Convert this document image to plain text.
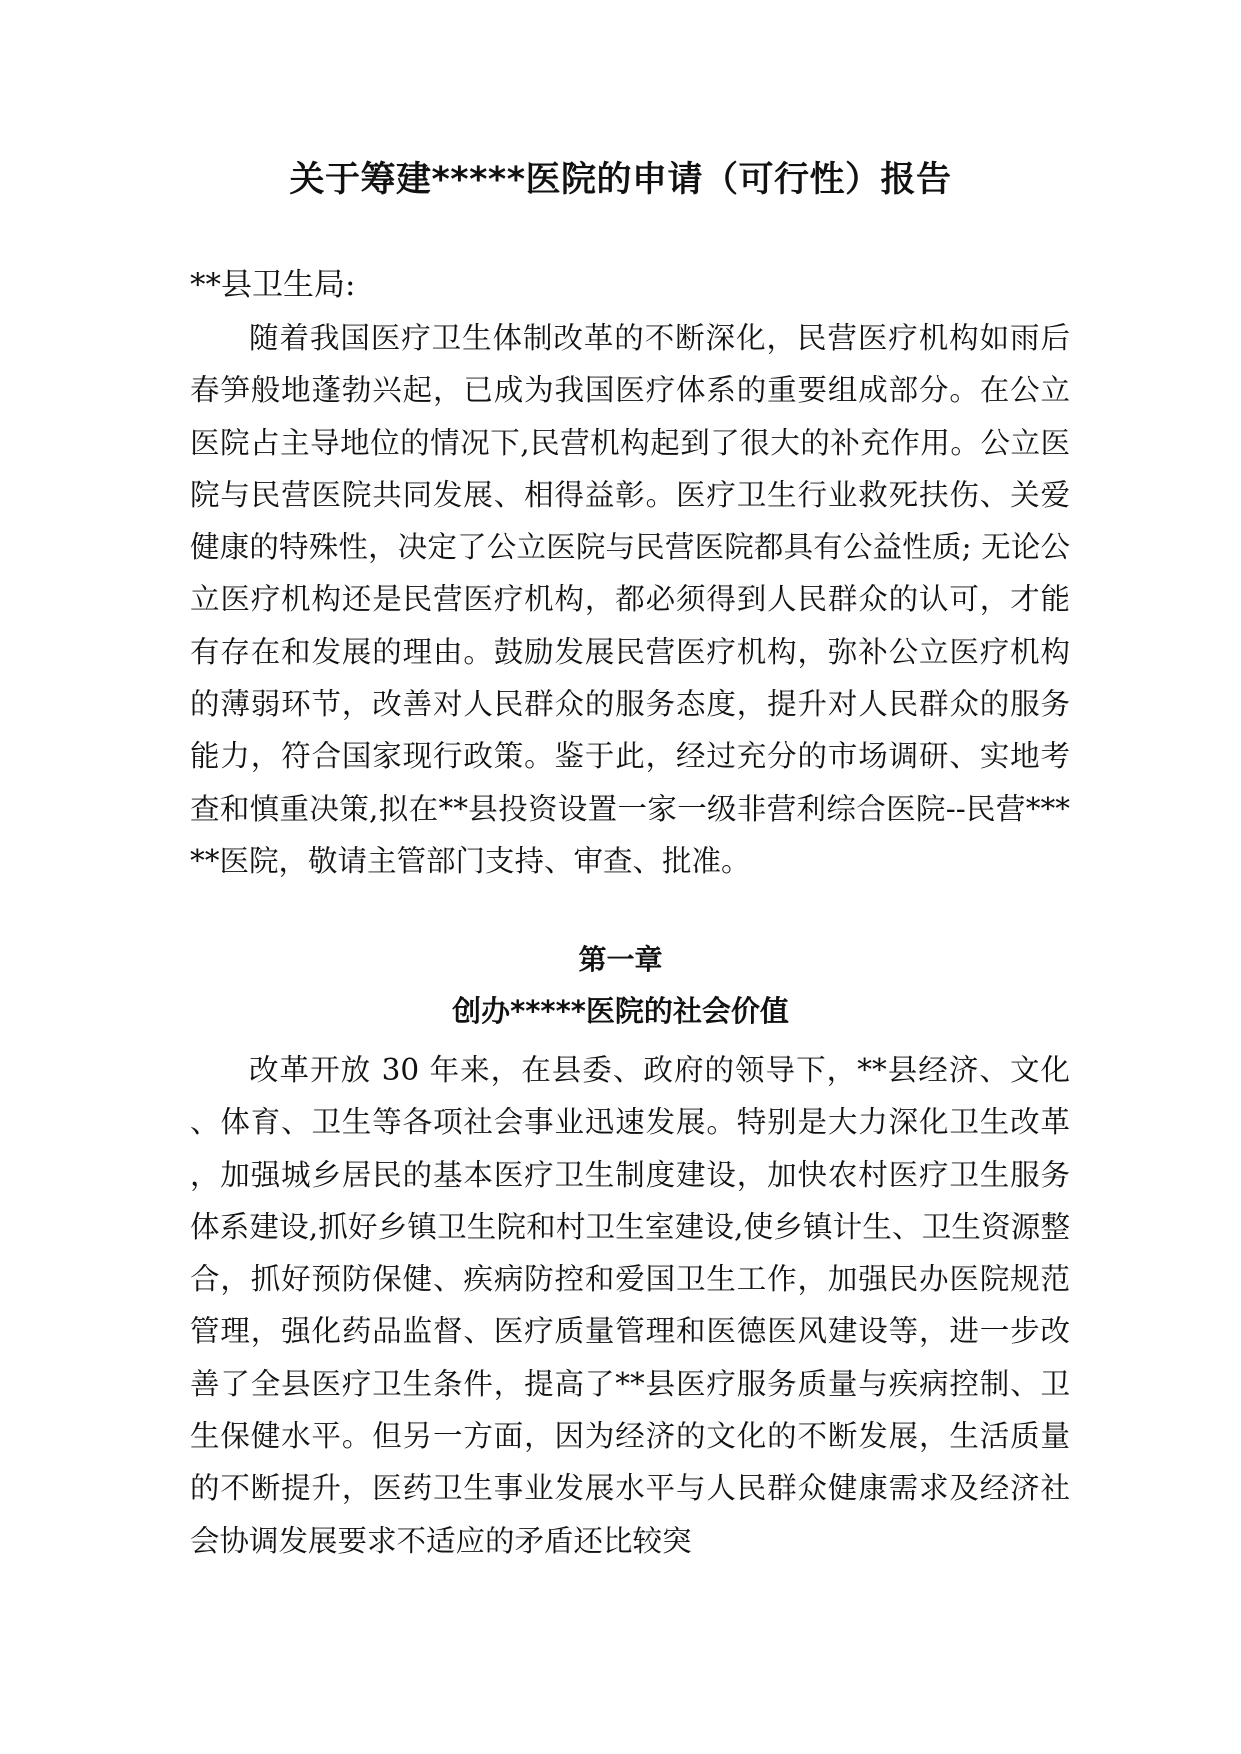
关于筹建*****医院的申请（可行性）报告

**县卫生局:

随着我国医疗卫生体制改革的不断深化，民营医疗机构如雨后春笋般地蓬勃兴起，已成为我国医疗体系的重要组成部分。在公立医院占主导地位的情况下,民营机构起到了很大的补充作用。公立医院与民营医院共同发展、相得益彰。医疗卫生行业救死扶伤、关爱健康的特殊性，决定了公立医院与民营医院都具有公益性质; 无论公立医疗机构还是民营医疗机构，都必须得到人民群众的认可，才能有存在和发展的理由。鼓励发展民营医疗机构，弥补公立医疗机构的薄弱环节，改善对人民群众的服务态度，提升对人民群众的服务能力，符合国家现行政策。鉴于此，经过充分的市场调研、实地考查和慎重决策,拟在**县投资设置一家一级非营利综合医院--民营*****医院，敬请主管部门支持、审查、批准。

第一章
创办*****医院的社会价值

改革开放 30 年来，在县委、政府的领导下，**县经济、文化、体育、卫生等各项社会事业迅速发展。特别是大力深化卫生改革，加强城乡居民的基本医疗卫生制度建设，加快农村医疗卫生服务体系建设,抓好乡镇卫生院和村卫生室建设,使乡镇计生、卫生资源整合，抓好预防保健、疾病防控和爱国卫生工作，加强民办医院规范管理，强化药品监督、医疗质量管理和医德医风建设等，进一步改善了全县医疗卫生条件，提高了**县医疗服务质量与疾病控制、卫生保健水平。但另一方面，因为经济的文化的不断发展，生活质量的不断提升，医药卫生事业发展水平与人民群众健康需求及经济社会协调发展要求不适应的矛盾还比较突
